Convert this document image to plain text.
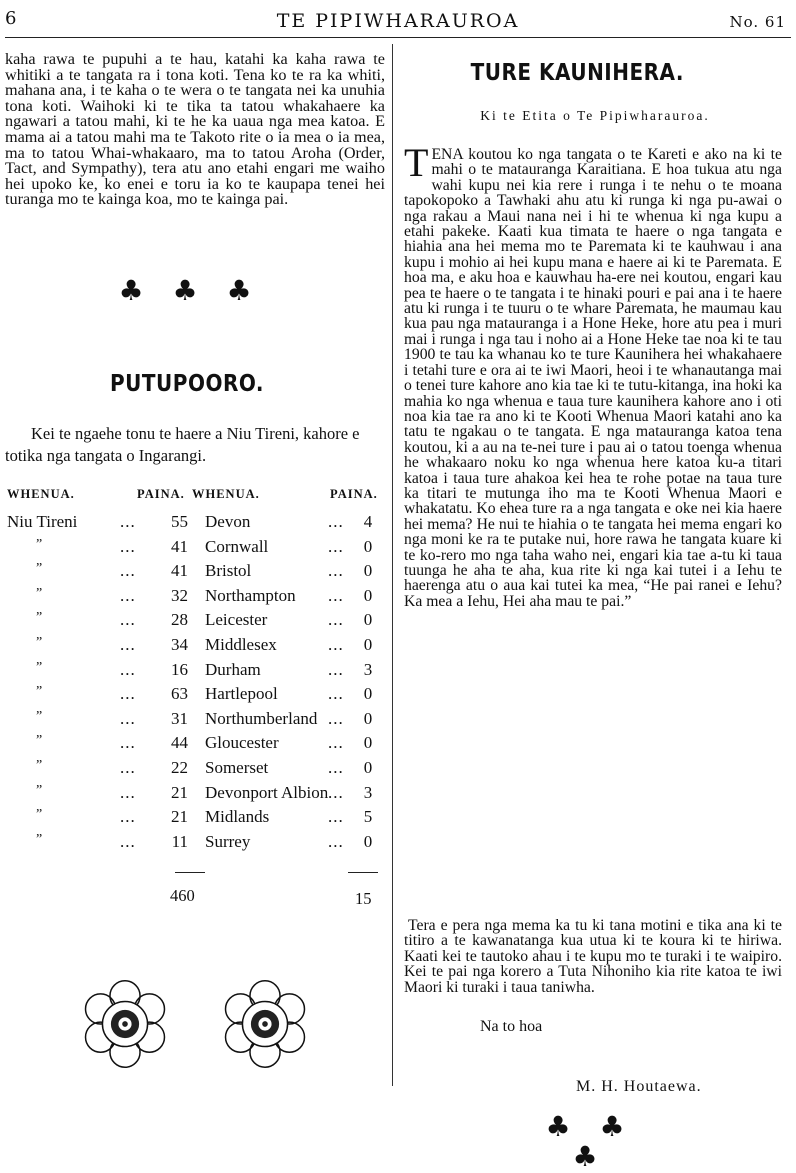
6	TE PIPIWHARAUROA	No. 61

kaha rawa te pupuhi a te hau, katahi ka kaha rawa te whitiki a te tangata ra i tona koti. Tena ko te ra ka whiti, mahana ana, i te kaha o te wera o te tangata nei ka unuhia tona koti. Waihoki ki te tika ta tatou whakahaere ka ngawari a tatou mahi, ki te he ka uaua nga mea katoa. E mama ai a tatou mahi ma te Takoto rite o ia mea o ia mea, ma to tatou Whai-whakaaro, ma to tatou Aroha (Order, Tact, and Sympathy), tera atu ano etahi engari me waiho hei upoko ke, ko enei e toru ia ko te kaupapa tenei hei turanga mo te kainga koa, mo te kainga pai.

♣ ♣ ♣
PUTUPOORO.

Kei te ngaehe tonu te haere a Niu Tireni, kahore e totika nga tangata o Ingarangi.

WHENUA.	PAINA. WHENUA.	PAINA.
Niu Tireni	...	55 Devon	...	4
”	...	41 Cornwall	...	0
”	...	41 Bristol	...	0
”	...	32 Northampton ...	0
”	...	28 Leicester	...	0
”	...	34 Middlesex	...	0
”	...	16 Durham	...	3
”	...	63 Hartlepool	...	0
”	...	31 Northumberland ...	0
”	...	44 Gloucester	...	0
”	...	22 Somerset	...	0
”	...	21 Devonport Albion ...	3
”	...	21 Midlands	...	5
”	...	11 Surrey	...	0
460	15
TURE KAUNIHERA.
Ki te Etita o Te Pipiwharauroa.

TENA koutou ko nga tangata o te Kareti e ako na ki te mahi o te matauranga Karaitiana. E hoa tukua atu nga wahi kupu nei kia rere i runga i te nehu o te moana tapokopoko a Tawhaki ahu atu ki runga ki nga pu-awai o nga rakau a Maui nana nei i hi te whenua ki nga kupu a etahi pakeke. Kaati kua timata te haere o nga tangata e hiahia ana hei mema mo te Paremata ki te kauhwau i ana kupu i mohio ai hei kupu mana e haere ai ki te Paremata. E hoa ma, e aku hoa e kauwhau ha-ere nei koutou, engari kau pea te haere o te tangata i te hinaki pouri e pai ana i te haere atu ki runga i te tuuru o te whare Paremata, he maumau kau kua pau nga matauranga i a Hone Heke, hore atu pea i muri mai i runga i nga tau i noho ai a Hone Heke tae noa ki te tau 1900 te tau ka whanau ko te ture Kaunihera hei whakahaere i tetahi ture e ora ai te iwi Maori, heoi i te whanautanga mai o tenei ture kahore ano kia tae ki te tutu-kitanga, ina hoki ka mahia ko nga whenua e taua ture kaunihera kahore ano i oti noa kia tae ra ano ki te Kooti Whenua Maori katahi ano ka tatu te ngakau o te tangata. E nga matauranga katoa tena koutou, ki a au na te-nei ture i pau ai o tatou toenga whenua he whakaaro noku ko nga whenua here katoa ku-a titari katoa i taua ture ahakoa kei hea te rohe potae na taua ture ka titari te mutunga iho ma te Kooti Whenua Maori e whakatatu. Ko ehea ture ra a nga tangata e oke nei kia haere hei mema? He nui te hiahia o te tangata hei mema engari ko nga moni ke ra te putake nui, hore rawa he tangata kuare ki te ko-rero mo nga taha waho nei, engari kia tae a-tu ki taua tuunga he aha te aha, kua rite ki nga kai tutei i a Iehu te haerenga atu o aua kai tutei ka mea, “He pai ranei e Iehu? Ka mea a Iehu, Hei aha mau te pai.”

Tera e pera nga mema ka tu ki tana motini e tika ana ki te titiro a te kawanatanga kua utua ki te koura ki te hiriwa. Kaati kei te tautoko ahau i te kupu mo te turaki i te waipiro. Kei te pai nga korero a Tuta Nihoniho kia rite katoa te iwi Maori ki turaki i taua taniwha.

Na to hoa
M. H. Houtaewa.
♣ ♣ ♣
